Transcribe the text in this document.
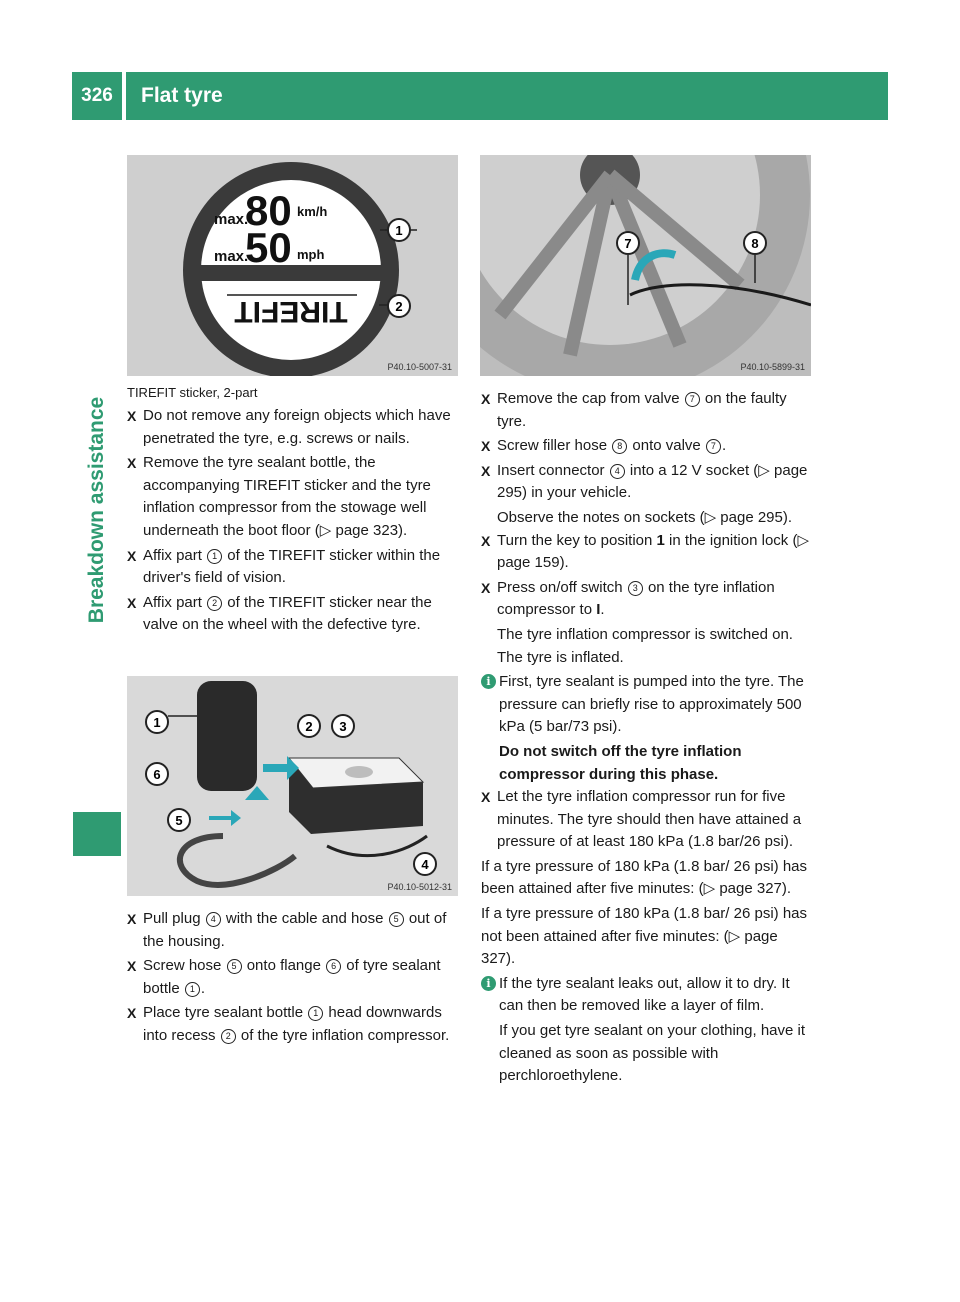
326	Flat tyre
Breakdown assistance
1
2
max.
80 km/h
max.
50 mph
TIREFIT
P40.10-5007-31
1	2 3
4
5
6
P40.10-5012-31
7	8
P40.10-5899-31
TIREFIT sticker, 2-part
X Do not remove any foreign objects which have penetrated the tyre, e.g. screws or nails.
X Remove the tyre sealant bottle, the accompanying TIREFIT sticker and the tyre inflation compressor from the stowage well underneath the boot floor (▷ page 323).
X Affix part 1 of the TIREFIT sticker within the driver's field of vision.
X Affix part 2 of the TIREFIT sticker near the valve on the wheel with the defective tyre.
X Pull plug 4 with the cable and hose 5 out of the housing.
X Screw hose 5 onto flange 6 of tyre sealant bottle 1 .
X Place tyre sealant bottle 1 head downwards into recess 2 of the tyre inflation compressor.
X Remove the cap from valve 7 on the faulty tyre.
X Screw filler hose 8 onto valve 7 .
X Insert connector 4 into a 12 V socket (▷ page 295) in your vehicle.
Observe the notes on sockets (▷ page 295).
X Turn the key to position 1 in the ignition lock (▷ page 159).
X Press on/off switch 3 on the tyre inflation compressor to I.
The tyre inflation compressor is switched on. The tyre is inflated.
i First, tyre sealant is pumped into the tyre. The pressure can briefly rise to approximately 500 kPa (5 bar/73 psi).
Do not switch off the tyre inflation compressor during this phase.
X Let the tyre inflation compressor run for five minutes. The tyre should then have attained a pressure of at least 180 kPa (1.8 bar/26 psi).
If a tyre pressure of 180 kPa (1.8 bar/ 26 psi) has been attained after five minutes: (▷ page 327).
If a tyre pressure of 180 kPa (1.8 bar/ 26 psi) has not been attained after five minutes: (▷ page 327).
i If the tyre sealant leaks out, allow it to dry. It can then be removed like a layer of film.
If you get tyre sealant on your clothing, have it cleaned as soon as possible with perchloroethylene.
